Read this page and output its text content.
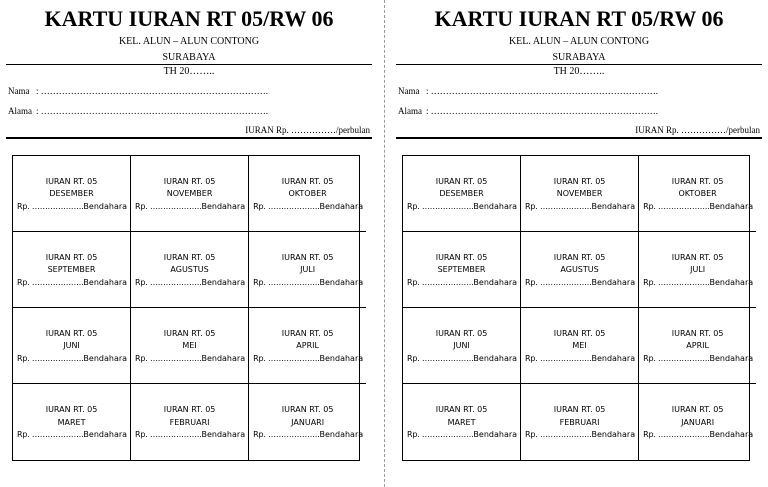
KARTU IURAN RT 05/RW 06
KEL. ALUN – ALUN CONTONG
SURABAYA
TH 20……..
Nama : ………………………………………………………………….
Alama : ………………………………………………………………….
IURAN Rp. ……………/perbulan
IURAN RT. 05
DESEMBER
Rp. ……………….. Bendahara
IURAN RT. 05
NOVEMBER
Rp. ……………….. Bendahara
IURAN RT. 05
OKTOBER
Rp. ……………….. Bendahara
IURAN RT. 05
SEPTEMBER
Rp. ……………….. Bendahara
IURAN RT. 05
AGUSTUS
Rp. ……………….. Bendahara
IURAN RT. 05
JULI
Rp. ……………….. Bendahara
IURAN RT. 05
JUNI
Rp. ……………….. Bendahara
IURAN RT. 05
MEI
Rp. ……………….. Bendahara
IURAN RT. 05
APRIL
Rp. ……………….. Bendahara
IURAN RT. 05
MARET
Rp. ……………….. Bendahara
IURAN RT. 05
FEBRUARI
Rp. ……………….. Bendahara
IURAN RT. 05
JANUARI
Rp. ……………….. Bendahara
KARTU IURAN RT 05/RW 06
KEL. ALUN – ALUN CONTONG
SURABAYA
TH 20……..
Nama : ………………………………………………………………….
Alama : ………………………………………………………………….
IURAN Rp. ……………/perbulan
IURAN RT. 05
DESEMBER
Rp. ……………….. Bendahara
IURAN RT. 05
NOVEMBER
Rp. ……………….. Bendahara
IURAN RT. 05
OKTOBER
Rp. ……………….. Bendahara
IURAN RT. 05
SEPTEMBER
Rp. ……………….. Bendahara
IURAN RT. 05
AGUSTUS
Rp. ……………….. Bendahara
IURAN RT. 05
JULI
Rp. ……………….. Bendahara
IURAN RT. 05
JUNI
Rp. ……………….. Bendahara
IURAN RT. 05
MEI
Rp. ……………….. Bendahara
IURAN RT. 05
APRIL
Rp. ……………….. Bendahara
IURAN RT. 05
MARET
Rp. ……………….. Bendahara
IURAN RT. 05
FEBRUARI
Rp. ……………….. Bendahara
IURAN RT. 05
JANUARI
Rp. ……………….. Bendahara
